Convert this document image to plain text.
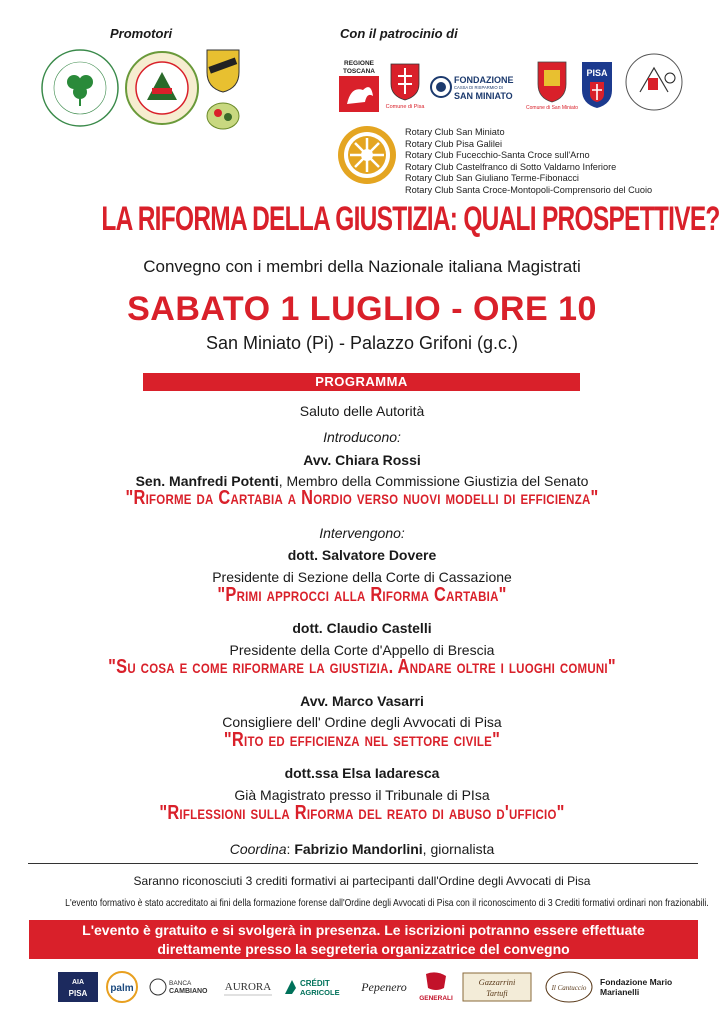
Promotori	Con il patrocinio di
REGIONE
TOSCANA
Comune di Pisa
FONDAZIONE
CASSA DI RISPARMIO DI
SAN MINIATO
Comune di San Miniato
PISA
Rotary Club San Miniato
Rotary Club Pisa Galilei
Rotary Club Fucecchio-Santa Croce sull'Arno
Rotary Club Castelfranco di Sotto Valdarno Inferiore
Rotary Club San Giuliano Terme-Fibonacci
Rotary Club Santa Croce-Montopoli-Comprensorio del Cuoio
LA RIFORMA DELLA GIUSTIZIA: QUALI PROSPETTIVE?
Convegno con i membri della Nazionale italiana Magistrati
SABATO 1 LUGLIO - ORE 10
San Miniato (Pi) - Palazzo Grifoni (g.c.)
PROGRAMMA
Saluto delle Autorità
Introducono:
Avv. Chiara Rossi
Sen. Manfredi Potenti, Membro della Commissione Giustizia del Senato
"Riforme da Cartabia a Nordio verso nuovi modelli di efficienza"
Intervengono:
dott. Salvatore Dovere
Presidente di Sezione della Corte di Cassazione
"Primi approcci alla Riforma Cartabia"
dott. Claudio Castelli
Presidente della Corte d'Appello di Brescia
"Su cosa e come riformare la giustizia. Andare oltre i luoghi comuni"
Avv. Marco Vasarri
Consigliere dell' Ordine degli Avvocati di Pisa
"Rito ed efficienza nel settore civile"
dott.ssa Elsa Iadaresca
Già Magistrato presso il Tribunale di PIsa
"Riflessioni sulla Riforma del reato di abuso d'ufficio"
Coordina: Fabrizio Mandorlini, giornalista
Saranno riconosciuti 3 crediti formativi ai partecipanti dall'Ordine degli Avvocati di Pisa
L'evento formativo è stato accreditato ai fini della formazione forense dall'Ordine degli Avvocati di Pisa con il riconoscimento di 3 Crediti formativi ordinari non frazionabili.
L'evento è gratuito e si svolgerà in presenza. Le iscrizioni potranno essere effettuate
direttamente presso la segreteria organizzatrice del convegno
AIA
PISA palm	BANCA
CAMBIANO AURORA	CRÉDIT
AGRICOLE Pepenero
GENERALI
Gazzarrini
Tartufi
Il Cantuccio
Fondazione Mario Marianelli
